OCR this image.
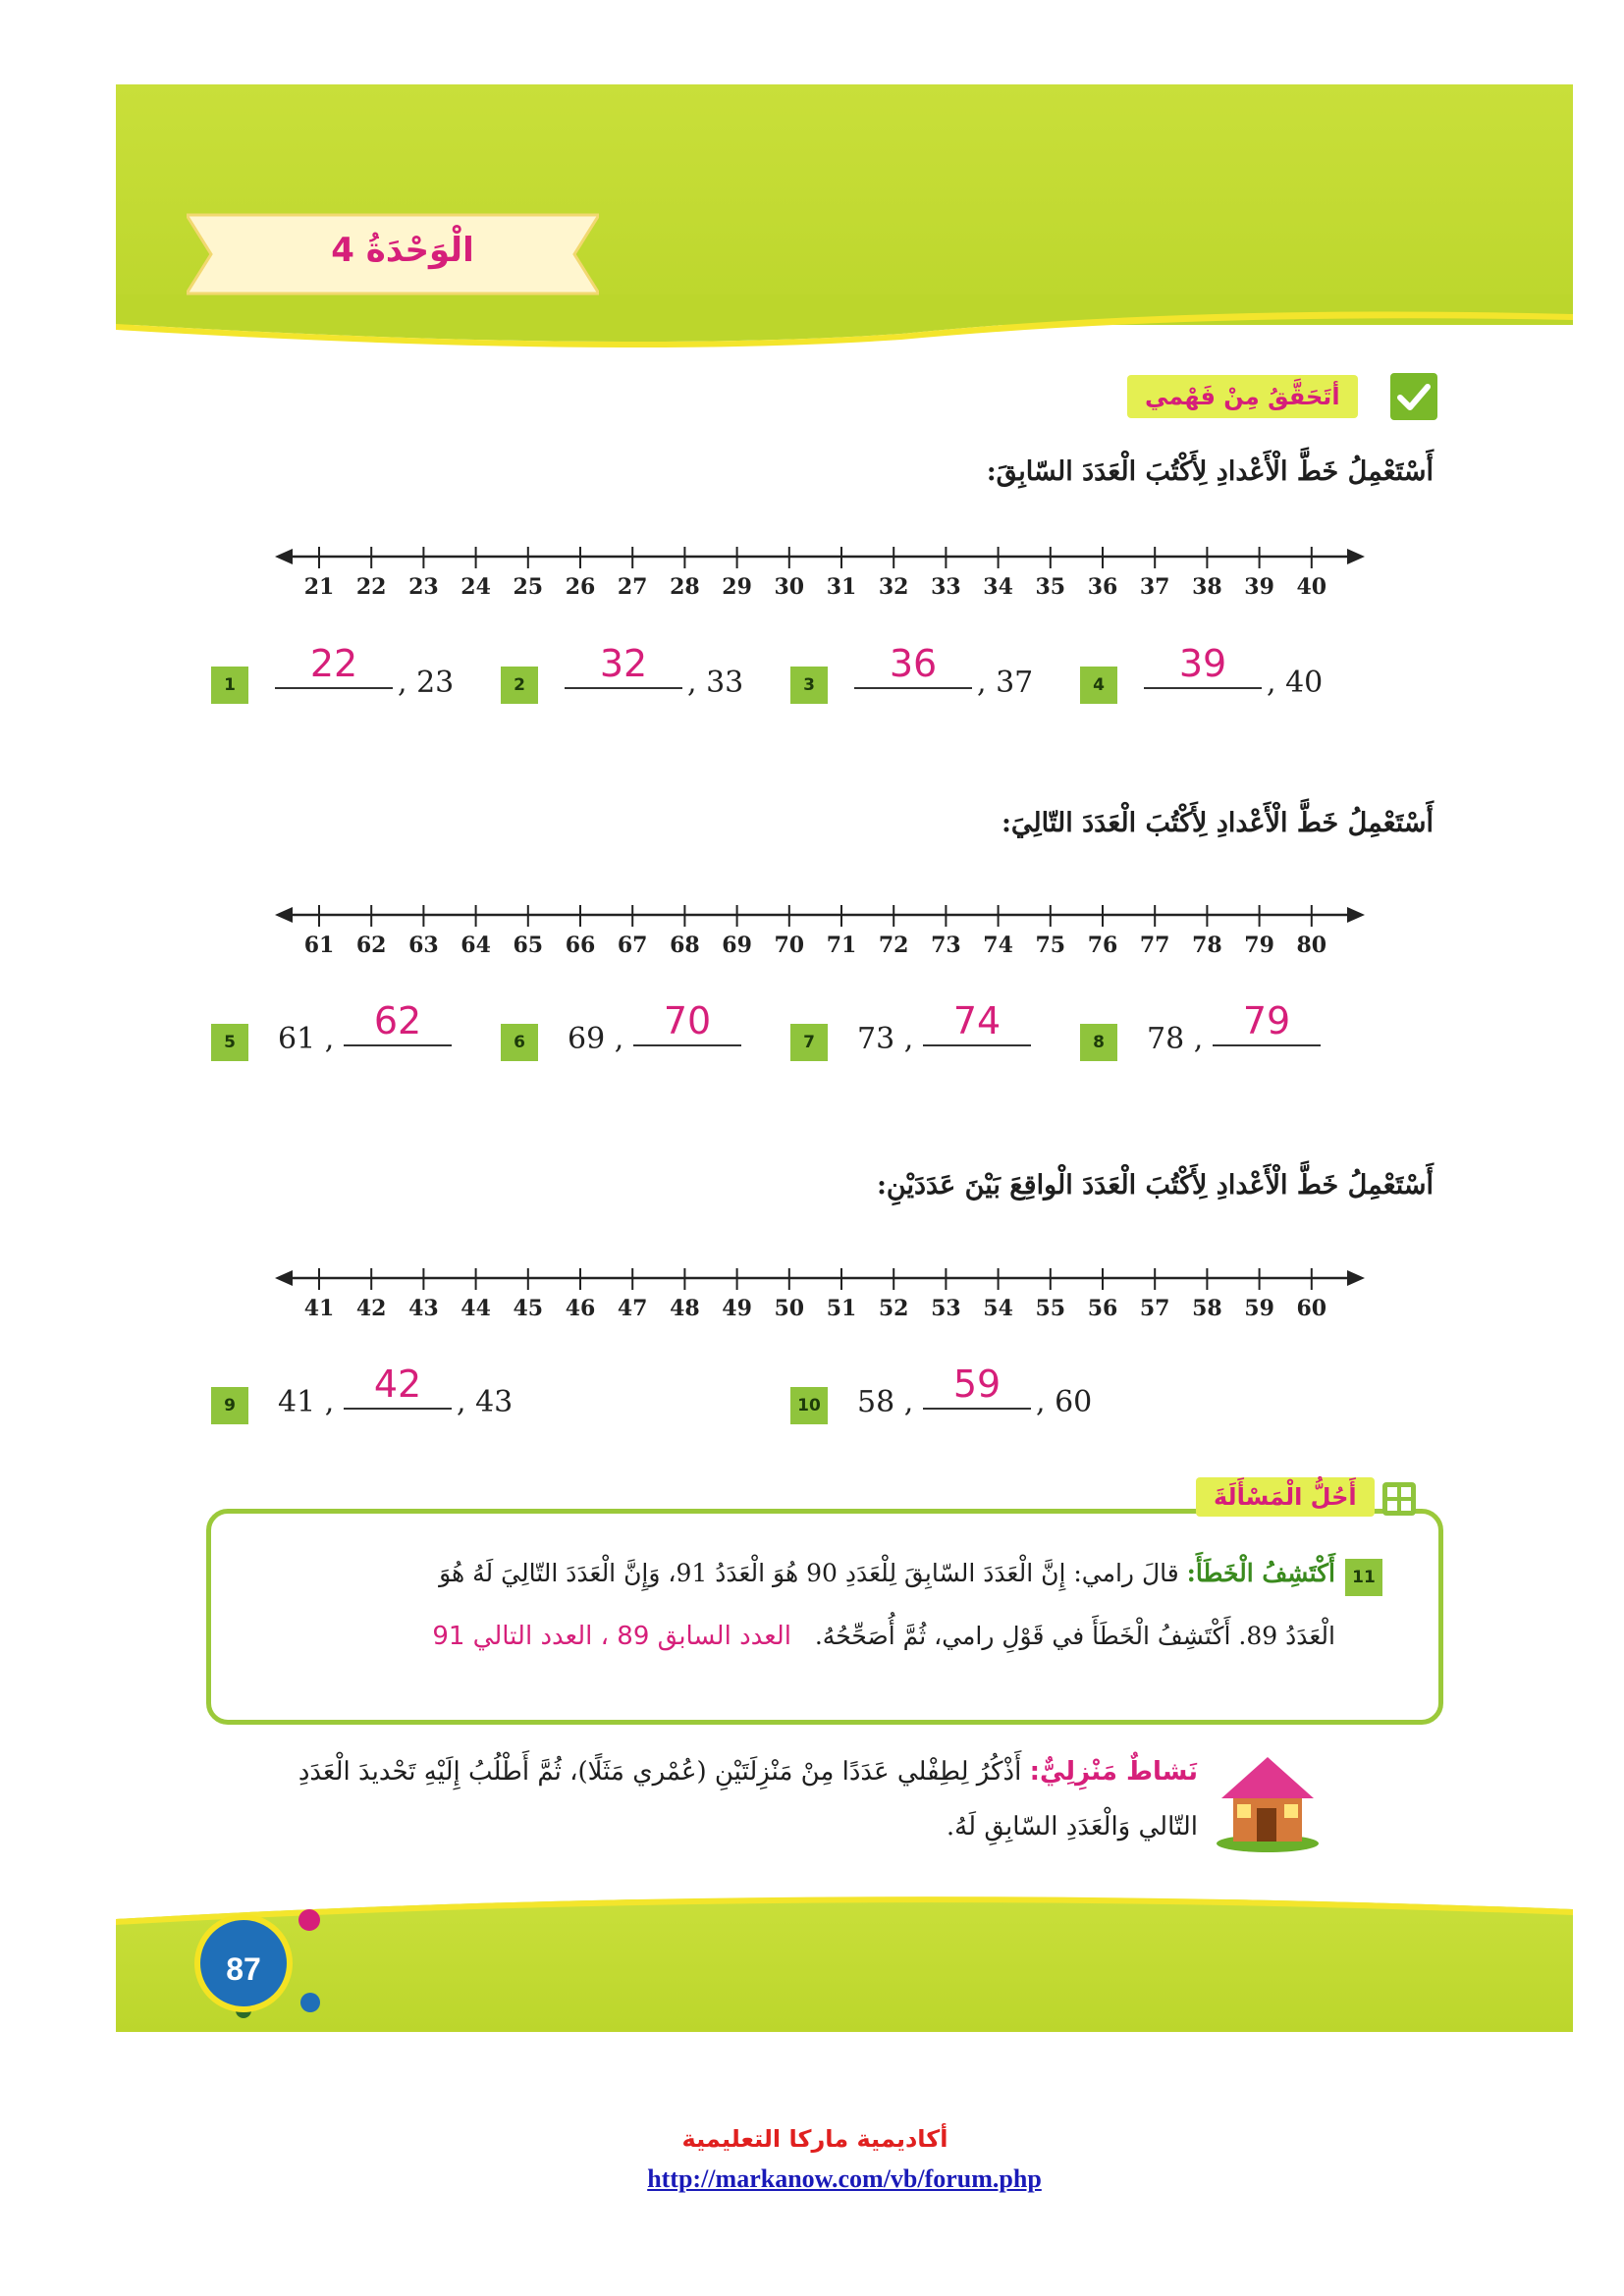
الْوَحْدَةُ 4
أتَحَقَّقُ مِنْ فَهْمي
أَسْتَعْمِلُ خَطَّ الْأَعْدادِ لِأَكْتُبَ الْعَدَدَ السّابِقَ:
21 22 23 24 25 26 27 28 29 30 31 32 33 34 35 36 37 38 39 40
1	22	, 23	2	32	, 33	3	36	, 37	4	39	, 40
أَسْتَعْمِلُ خَطَّ الْأَعْدادِ لِأَكْتُبَ الْعَدَدَ التّالِيَ:
61 62 63 64 65 66 67 68 69 70 71 72 73 74 75 76 77 78 79 80
5	61 ,	62	6	69 ,	70	7	73 ,	74	8	78 ,	79
أَسْتَعْمِلُ خَطَّ الْأَعْدادِ لِأَكْتُبَ الْعَدَدَ الْواقِعَ بَيْنَ عَدَدَيْنِ:
41 42 43 44 45 46 47 48 49 50 51 52 53 54 55 56 57 58 59 60
9	41 ,	42	, 43	10 58 ,	59	, 60
أَحُلُّ الْمَسْأَلَةَ
11
أَكْتَشِفُ الْخَطَأَ: قالَ رامي: إِنَّ الْعَدَدَ السّابِقَ لِلْعَدَدِ 90 هُوَ الْعَدَدُ 91، وَإِنَّ الْعَدَدَ التّالِيَ لَهُ هُوَ
الْعَدَدُ 89. أَكْتَشِفُ الْخَطَأَ في قَوْلِ رامي، ثُمَّ أُصَحِّحُهُ.   العدد السابق 89 ، العدد التالي 91
نَشاطٌ مَنْزِلِيٌّ: أَذْكُرُ لِطِفْلي عَدَدًا مِنْ مَنْزِلَتَيْنِ (عُمْري مَثَلًا)، ثُمَّ أَطْلُبُ إِلَيْهِ تَحْديدَ الْعَدَدِ
التّالي وَالْعَدَدِ السّابِقِ لَهُ.
87
أكاديمية ماركا التعليمية
http://markanow.com/vb/forum.php
